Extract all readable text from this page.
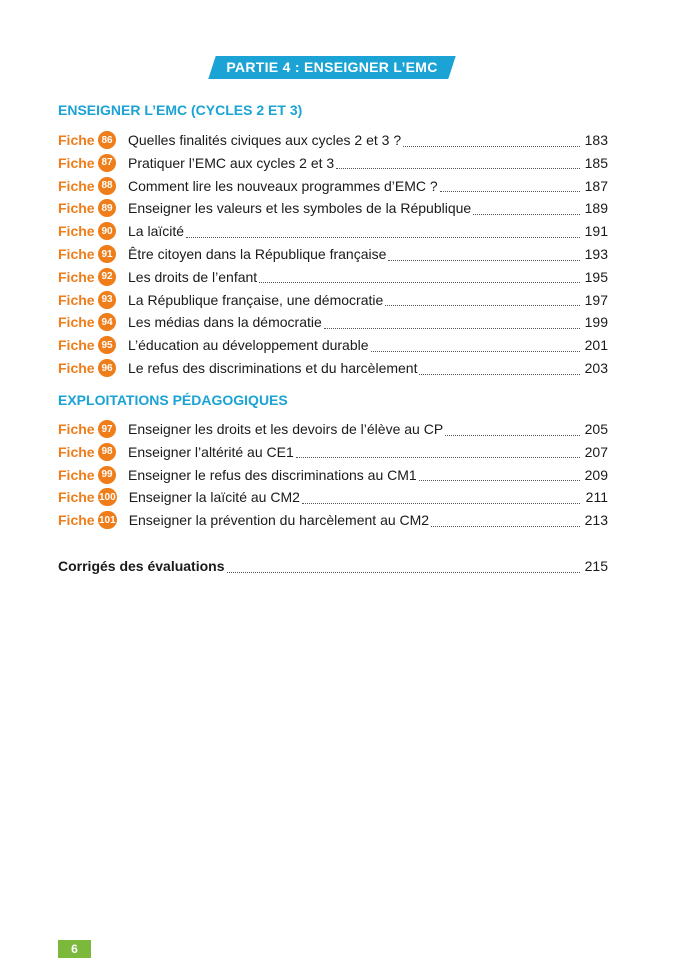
PARTIE 4 : ENSEIGNER L’EMC
ENSEIGNER L’EMC (CYCLES 2 ET 3)
Fiche 86 Quelles finalités civiques aux cycles 2 et 3 ?	183
Fiche 87 Pratiquer l’EMC aux cycles 2 et 3	185
Fiche 88 Comment lire les nouveaux programmes d’EMC ?	187
Fiche 89 Enseigner les valeurs et les symboles de la République	189
Fiche 90 La laïcité	191
Fiche 91 Être citoyen dans la République française	193
Fiche 92 Les droits de l’enfant	195
Fiche 93 La République française, une démocratie	197
Fiche 94 Les médias dans la démocratie	199
Fiche 95 L’éducation au développement durable	201
Fiche 96 Le refus des discriminations et du harcèlement	203
EXPLOITATIONS PÉDAGOGIQUES
Fiche 97 Enseigner les droits et les devoirs de l’élève au CP	205
Fiche 98 Enseigner l’altérité au CE1	207
Fiche 99 Enseigner le refus des discriminations au CM1	209
Fiche 100 Enseigner la laïcité au CM2	211
Fiche 101 Enseigner la prévention du harcèlement au CM2	213
Corrigés des évaluations	215
6
